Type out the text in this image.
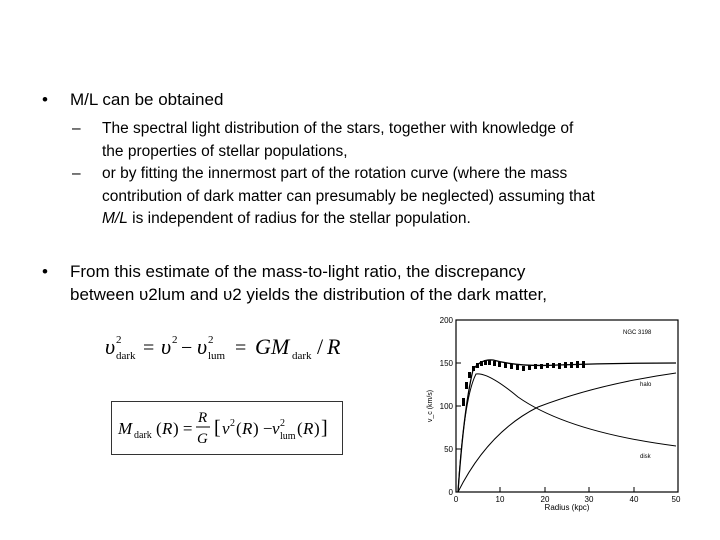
• M/L can be obtained
– The spectral light distribution of the stars, together with knowledge of
the properties of stellar populations,
– or by fitting the innermost part of the rotation curve (where the mass
contribution of dark matter can presumably be neglected) assuming that
M/L is independent of radius for the stellar population.
• From this estimate of the mass-to-light ratio, the discrepancy
between υ2lum and υ2 yields the distribution of the dark matter,
υ 2
dark = υ 2 − υ 2
lum = G M dark / R
M dark ( R ) =
R
G [ v 2 ( R ) − v 2
lum ( R ) ]
0
50
100
150
200
0	10	20	30	40	50
Radius (kpc)
v_c (km/s)
NGC 3198
halo
disk
